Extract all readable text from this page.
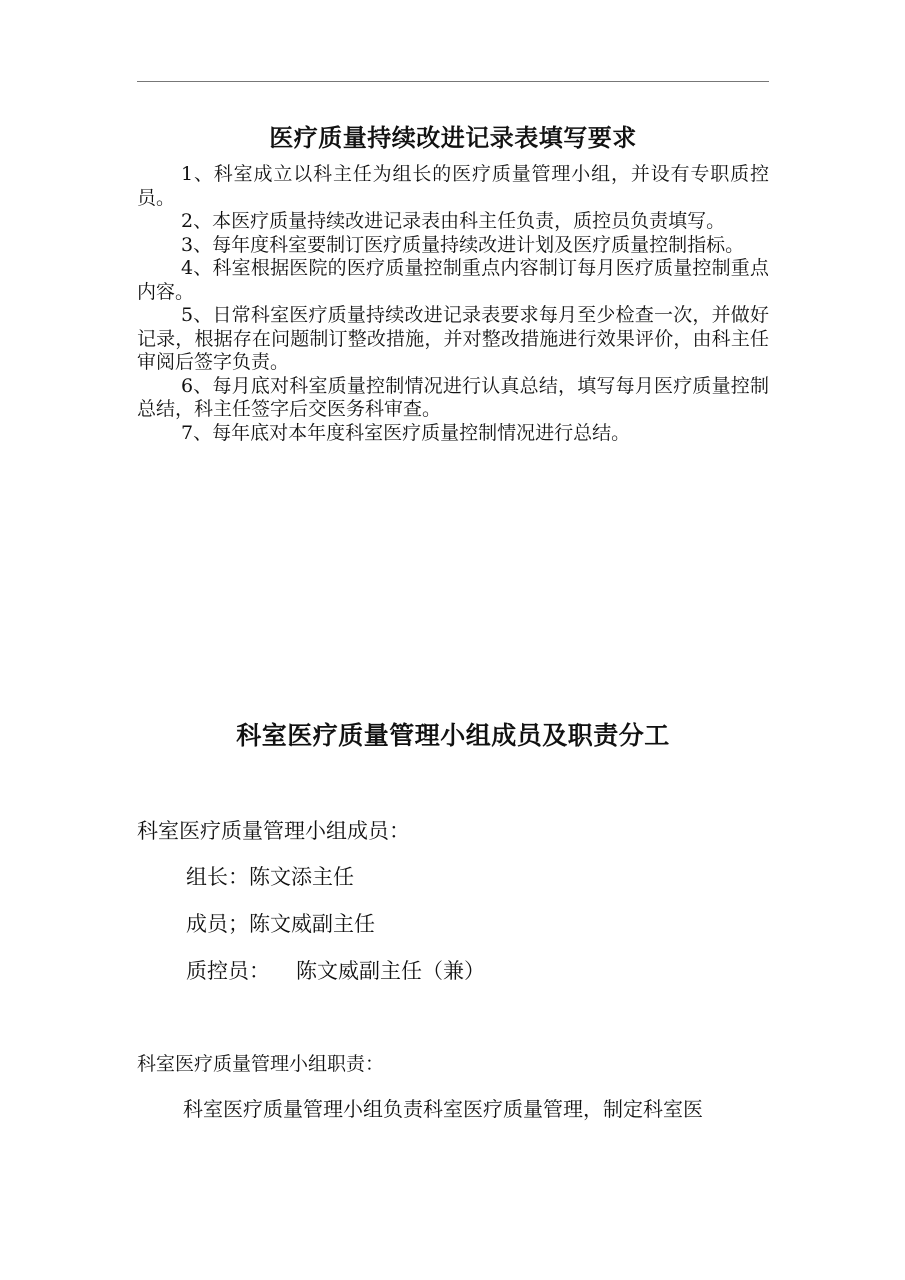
医疗质量持续改进记录表填写要求
1、科室成立以科主任为组长的医疗质量管理小组，并设有专职质控员。
2、本医疗质量持续改进记录表由科主任负责，质控员负责填写。
3、每年度科室要制订医疗质量持续改进计划及医疗质量控制指标。
4、科室根据医院的医疗质量控制重点内容制订每月医疗质量控制重点内容。
5、日常科室医疗质量持续改进记录表要求每月至少检查一次，并做好记录，根据存在问题制订整改措施，并对整改措施进行效果评价，由科主任审阅后签字负责。
6、每月底对科室质量控制情况进行认真总结，填写每月医疗质量控制总结，科主任签字后交医务科审查。
7、每年底对本年度科室医疗质量控制情况进行总结。
科室医疗质量管理小组成员及职责分工
科室医疗质量管理小组成员：
组长：陈文添主任
成员；陈文威副主任
质控员： 陈文威副主任（兼）
科室医疗质量管理小组职责：
科室医疗质量管理小组负责科室医疗质量管理，制定科室医
